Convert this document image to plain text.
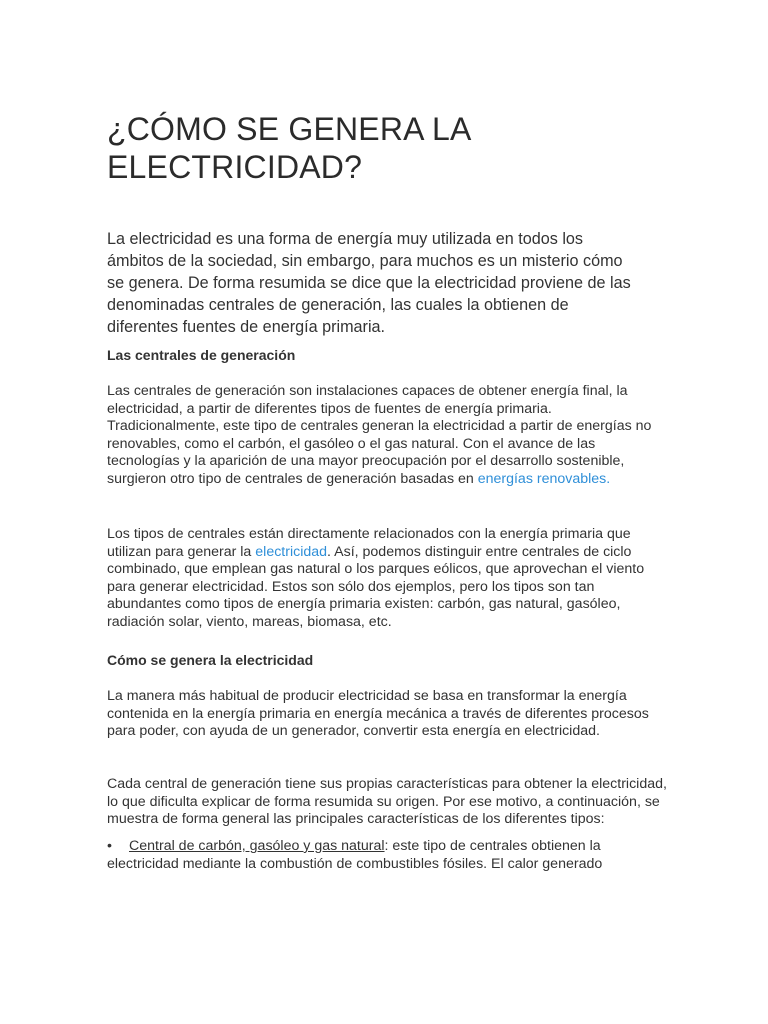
¿CÓMO SE GENERA LA
ELECTRICIDAD?

La electricidad es una forma de energía muy utilizada en todos los ámbitos de la sociedad, sin embargo, para muchos es un misterio cómo se genera. De forma resumida se dice que la electricidad proviene de las denominadas centrales de generación, las cuales la obtienen de diferentes fuentes de energía primaria.

Las centrales de generación

Las centrales de generación son instalaciones capaces de obtener energía final, la electricidad, a partir de diferentes tipos de fuentes de energía primaria. Tradicionalmente, este tipo de centrales generan la electricidad a partir de energías no renovables, como el carbón, el gasóleo o el gas natural. Con el avance de las tecnologías y la aparición de una mayor preocupación por el desarrollo sostenible, surgieron otro tipo de centrales de generación basadas en energías renovables.

Los tipos de centrales están directamente relacionados con la energía primaria que utilizan para generar la electricidad. Así, podemos distinguir entre centrales de ciclo combinado, que emplean gas natural o los parques eólicos, que aprovechan el viento para generar electricidad. Estos son sólo dos ejemplos, pero los tipos son tan abundantes como tipos de energía primaria existen: carbón, gas natural, gasóleo, radiación solar, viento, mareas, biomasa, etc.

Cómo se genera la electricidad

La manera más habitual de producir electricidad se basa en transformar la energía contenida en la energía primaria en energía mecánica a través de diferentes procesos para poder, con ayuda de un generador, convertir esta energía en electricidad.

Cada central de generación tiene sus propias características para obtener la electricidad, lo que dificulta explicar de forma resumida su origen. Por ese motivo, a continuación, se muestra de forma general las principales características de los diferentes tipos:

• Central de carbón, gasóleo y gas natural: este tipo de centrales obtienen la electricidad mediante la combustión de combustibles fósiles. El calor generado
